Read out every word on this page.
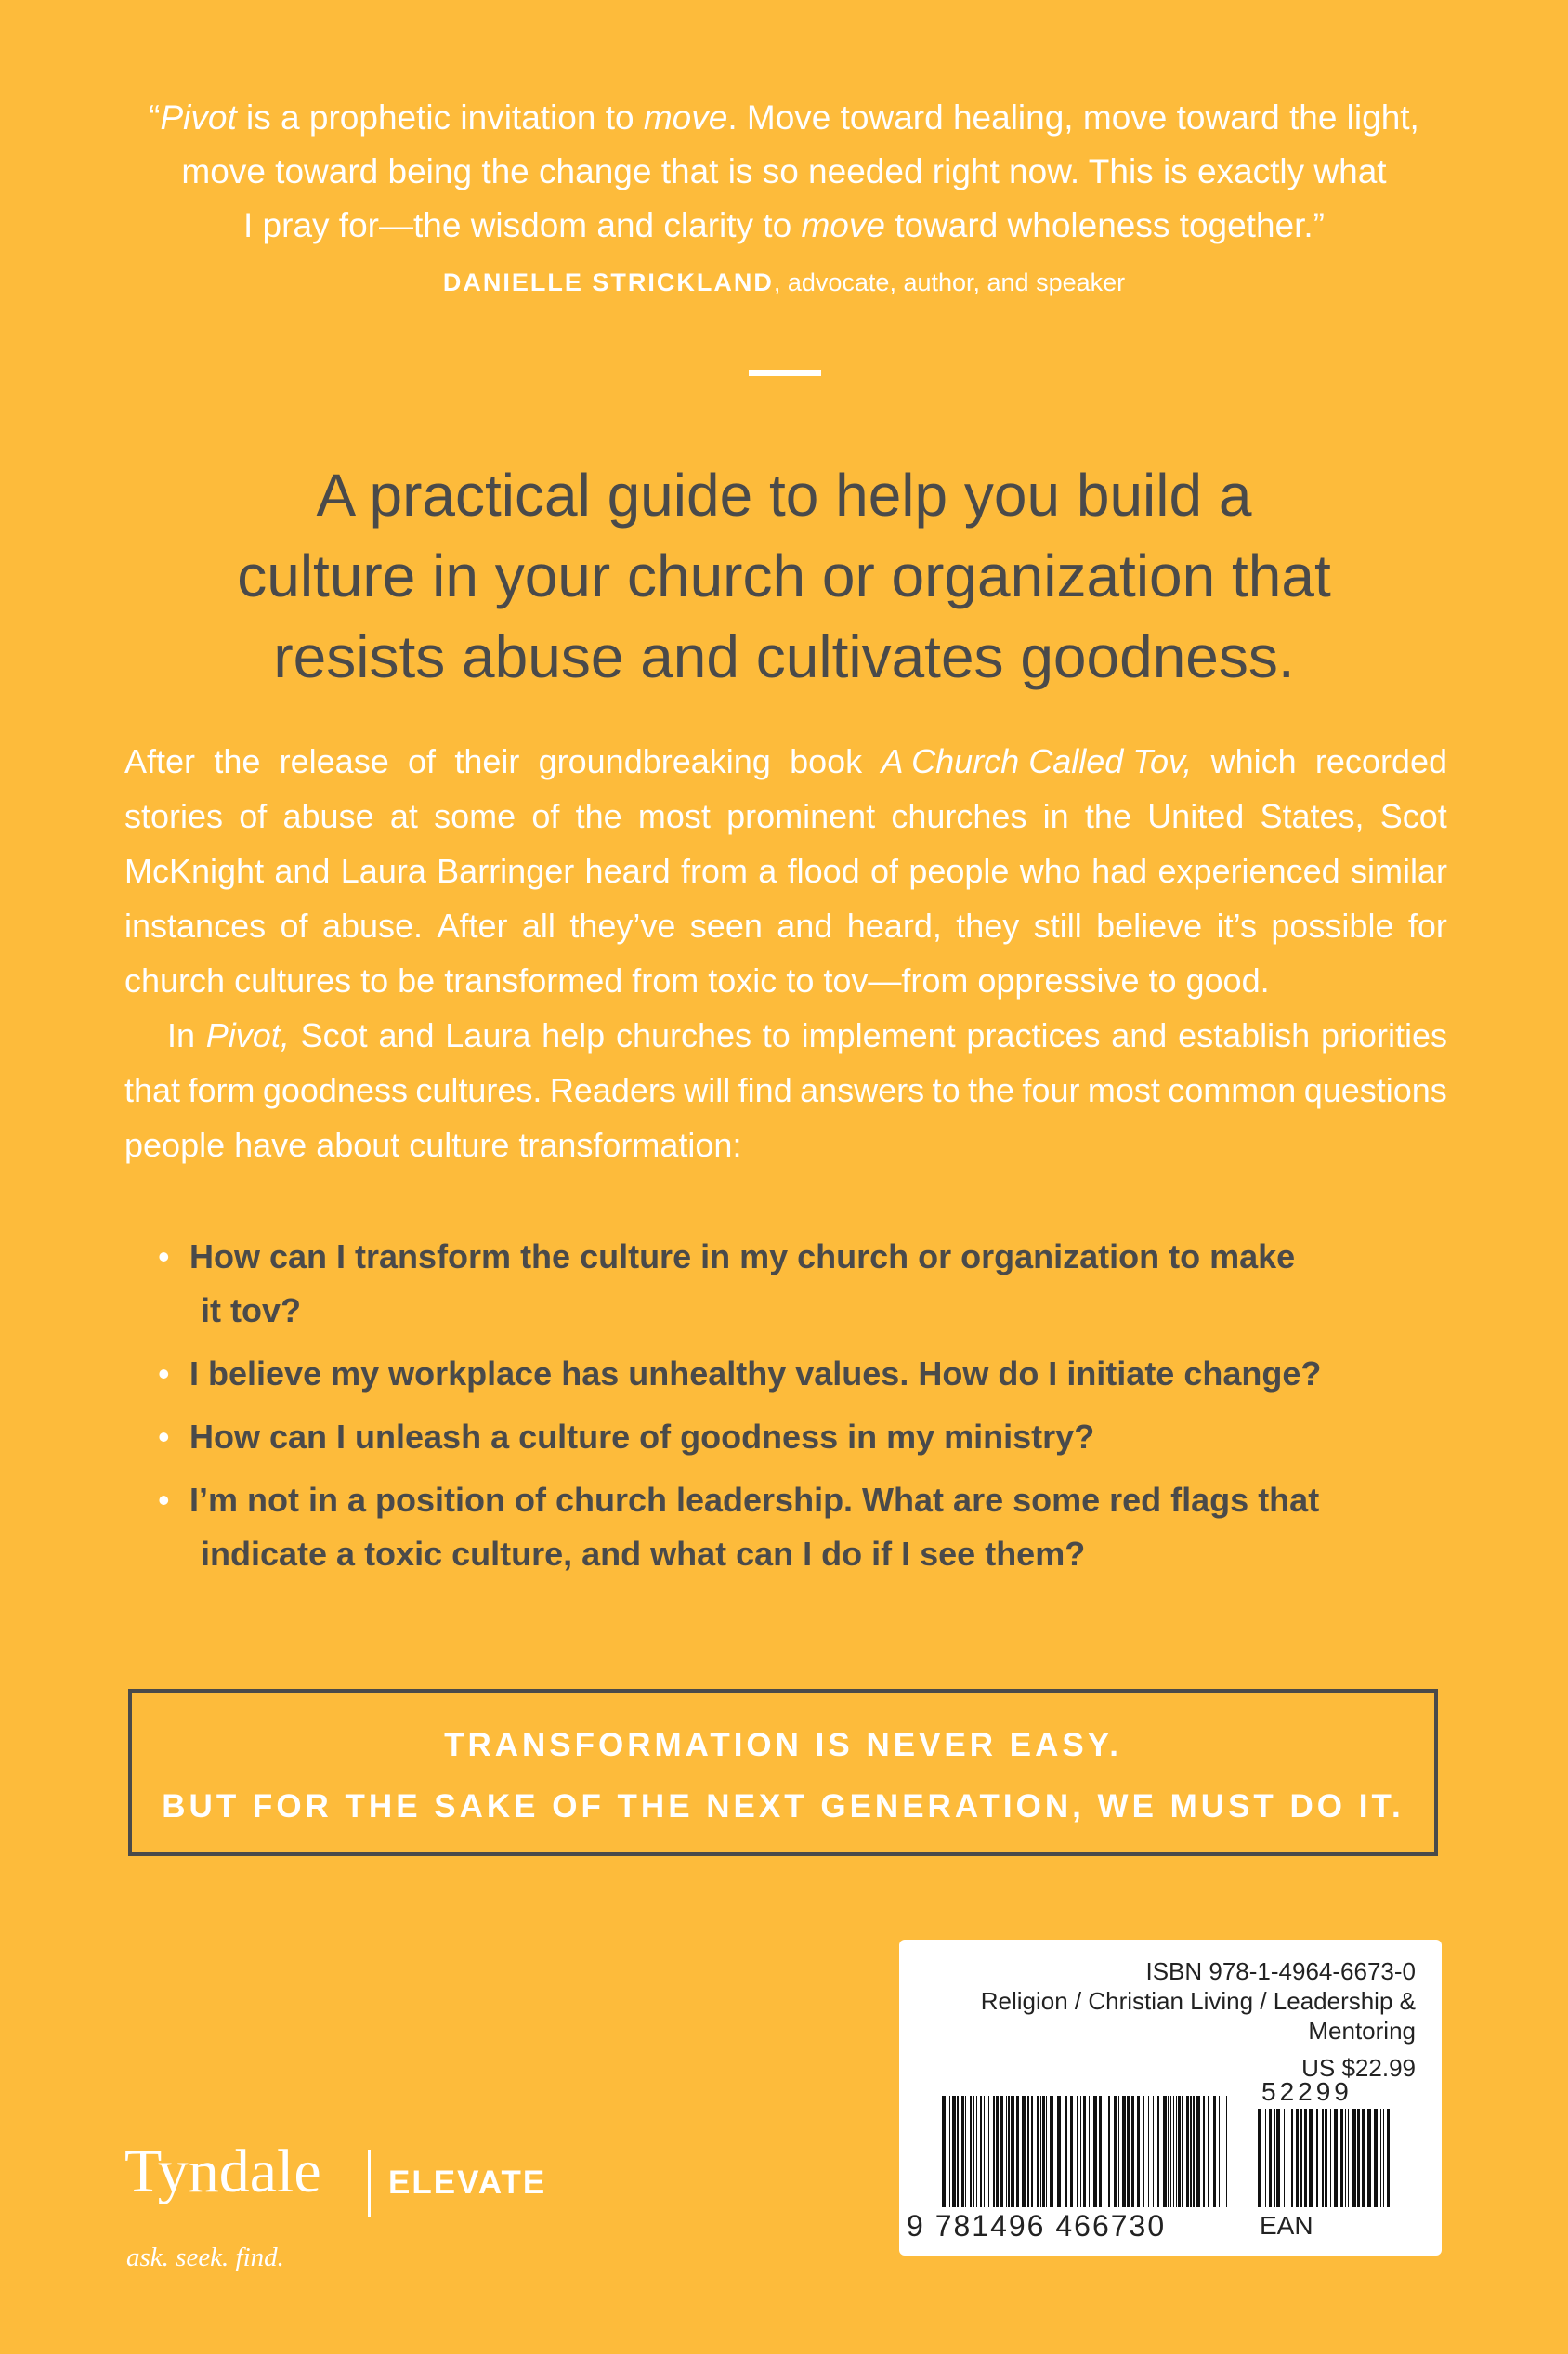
“Pivot is a prophetic invitation to move. Move toward healing, move toward the light,
move toward being the change that is so needed right now. This is exactly what
I pray for—the wisdom and clarity to move toward wholeness together.”
DANIELLE STRICKLAND, advocate, author, and speaker
A practical guide to help you build a
culture in your church or organization that
resists abuse and cultivates goodness.
After the release of their groundbreaking book A Church Called Tov, which recorded
stories of abuse at some of the most prominent churches in the United States, Scot
McKnight and Laura Barringer heard from a flood of people who had experienced similar
instances of abuse. After all they’ve seen and heard, they still believe it’s possible for
church cultures to be transformed from toxic to tov—from oppressive to good.
In Pivot, Scot and Laura help churches to implement practices and establish priorities
that form goodness cultures. Readers will find answers to the four most common questions
people have about culture transformation:
• How can I transform the culture in my church or organization to make
it tov?
• I believe my workplace has unhealthy values. How do I initiate change?
• How can I unleash a culture of goodness in my ministry?
• I’m not in a position of church leadership. What are some red flags that
indicate a toxic culture, and what can I do if I see them?
TRANSFORMATION IS NEVER EASY.
BUT FOR THE SAKE OF THE NEXT GENERATION, WE MUST DO IT.
ISBN 978-1-4964-6673-0
Religion / Christian Living / Leadership &
Mentoring
US $22.99
52299
9 781496 466730	EAN
Tyndale ELEVATE
ask. seek. find.
